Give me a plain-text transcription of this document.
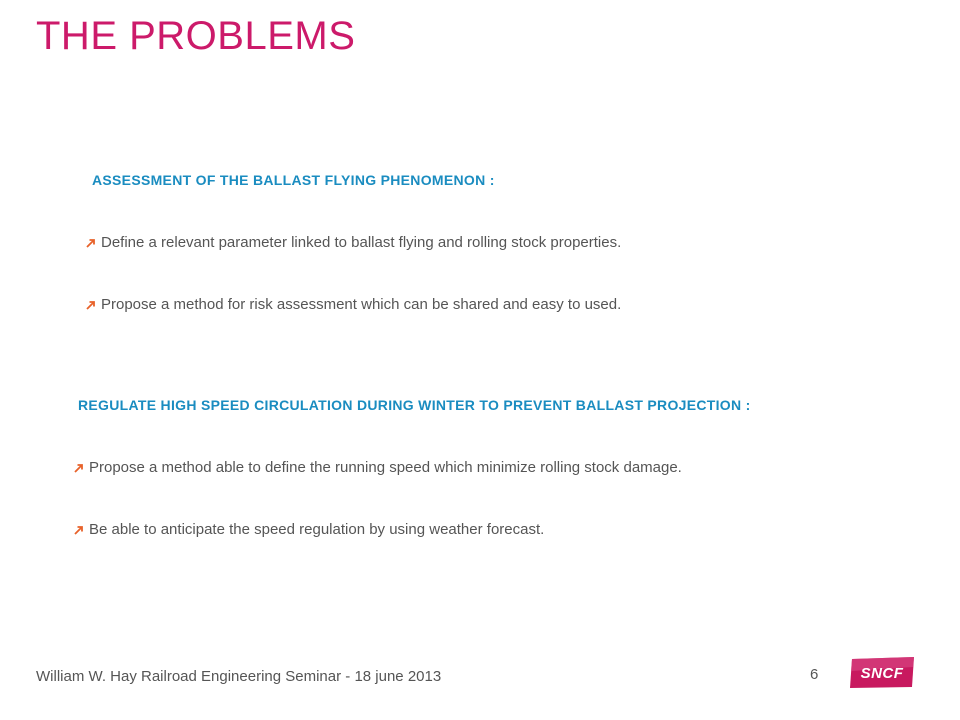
THE PROBLEMS
ASSESSMENT OF THE BALLAST FLYING PHENOMENON :
Define a relevant parameter linked to ballast flying and rolling stock properties.
Propose a method for risk assessment which can be shared and easy to used.
REGULATE HIGH SPEED CIRCULATION DURING WINTER TO PREVENT BALLAST PROJECTION :
Propose a method able to define the running speed which minimize rolling stock damage.
Be able to anticipate the speed regulation by using weather forecast.
William W. Hay Railroad Engineering Seminar - 18 june 2013	6	SNCF
